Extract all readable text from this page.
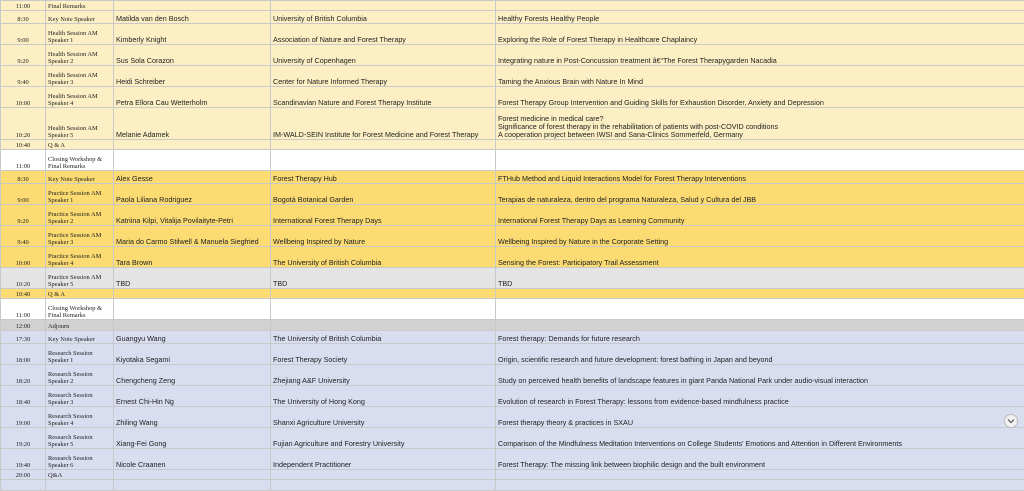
11:00	Final Remarks			
8:30	Key Note Speaker	Matilda van den Bosch	University of British Columbia	Healthy Forests Healthy People
9:00	Health Session AM Speaker 1	Kimberly Knight	Association of Nature and Forest Therapy	Exploring the Role of Forest Therapy in Healthcare Chaplaincy
9:20	Health Session AM Speaker 2	Sus Sola Corazon	University of Copenhagen	Integrating nature in Post-Concussion treatment â€“The Forest Therapygarden Nacadia
9:40	Health Session AM Speaker 3	Heidi Schreiber	Center for Nature Informed Therapy	Taming the Anxious Brain with Nature In Mind
10:00	Health Session AM Speaker 4	Petra Ellora Cau Wetterholm	Scandinavian Nature and Forest Therapy Institute	Forest Therapy Group Intervention and Guiding Skills for Exhaustion Disorder, Anxiety and Depression
10:20	Health Session AM Speaker 5	Melanie Adamek	IM-WALD-SEIN Institute for Forest Medicine and Forest Therapy	Forest medicine in medical care?
Significance of forest therapy in the rehabilitation of patients with post-COVID conditions
A cooperation project between IWSI and Sana-Clinics Sommerfeld, Germany
10:40	Q & A			
11:00	Closing Workshop & Final Remarks			
8:30	Key Note Speaker	Alex Gesse	Forest Therapy Hub	FTHub Method and Liquid Interactions Model for Forest Therapy Interventions
9:00	Practice Session AM Speaker 1	Paola Liliana Rodriguez	Bogotá Botanical Garden	Terapias de naturaleza, dentro del programa Naturaleza, Salud y Cultura del JBB
9:20	Practice Session AM Speaker 2	Katriina Kilpi, Vitalija Povilaityte-Petri	International Forest Therapy Days	International Forest Therapy Days as Learning Community
9:40	Practice Session AM Speaker 3	Maria do Carmo Stilwell & Manuela Siegfried	Wellbeing Inspired by Nature	Wellbeing Inspired by Nature in the Corporate Setting
10:00	Practice Session AM Speaker 4	Tara Brown	The University of British Columbia	Sensing the Forest: Participatory Trail Assessment
10:20	Practice Session AM Speaker 5	TBD	TBD	TBD
10:40	Q & A			
11:00	Closing Workshop & Final Remarks			
12:00	Adjourn			
17:30	Key Note Speaker	Guangyu Wang	The University of British Columbia	Forest therapy: Demands for future research
18:00	Research Session Speaker 1	Kiyotaka Segami	Forest Therapy Society	Origin, scientific research and future development: forest bathing in Japan and beyond
18:20	Research Session Speaker 2	Chengcheng Zeng	Zhejiang A&F University	Study on perceived health benefits of landscape features in giant Panda National Park under audio-visual interaction
18:40	Research Session Speaker 3	Ernest Chi-Hin Ng	The University of Hong Kong	Evolution of research in Forest Therapy: lessons from evidence-based mindfulness practice
19:00	Research Session Speaker 4	Zhiling Wang	Shanxi Agriculture University	Forest therapy theory & practices in SXAU
19:20	Research Session Speaker 5	Xiang-Fei Gong	Fujian Agriculture and Forestry University	Comparison of the Mindfulness Meditation Interventions on College Students' Emotions and Attention in Different Environments
19:40	Research Session Speaker 6	Nicole Craanen	Independent Practitioner	Forest Therapy: The missing link between biophilic design and the built environment
20:00	Q&A			
